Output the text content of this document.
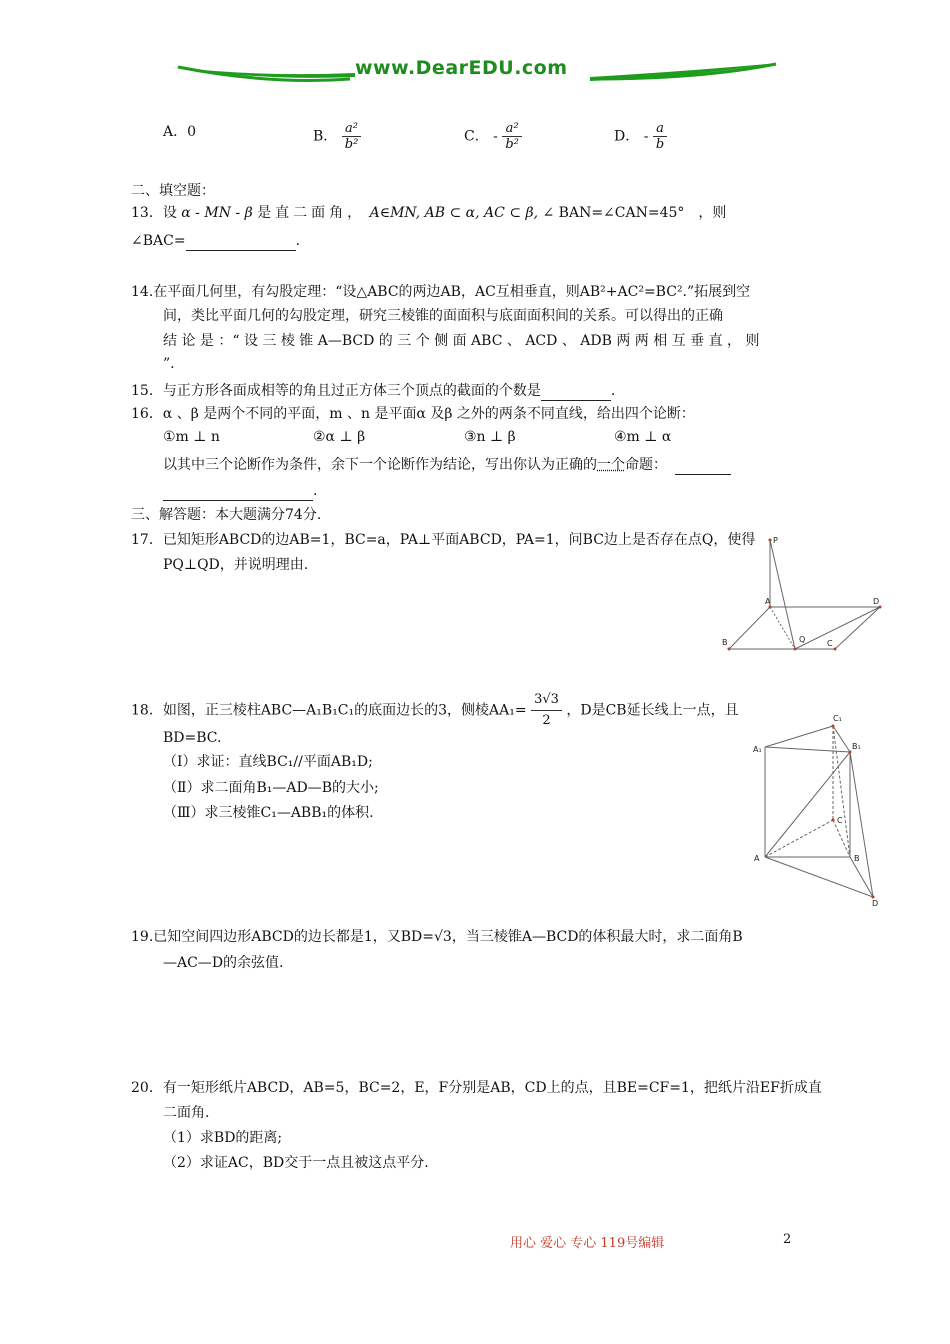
www.DearEDU.com
A．0	B． $\frac{\text{a²}}{\text{b²}}$	C． - $\frac{\text{a²}}{\text{b²}}$	D． - $\frac{a}{b}$
二、填空题：
13．设 α - MN - β 是直二面角， A∈MN, AB ⊂ α, AC ⊂ β, ∠ BAN=∠CAN=45°　，则
∠BAC=	.
14.在平面几何里，有勾股定理：“设△ABC的两边AB，AC互相垂直，则AB²+AC²=BC².”拓展到空
间，类比平面几何的勾股定理，研究三棱锥的面面积与底面面积间的关系。可以得出的正确
结 论 是 ：“ 设 三 棱 锥 A—BCD 的 三 个 侧 面 ABC 、 ACD 、 ADB 两 两 相 互 垂 直 ， 则
”.
15．与正方形各面成相等的角且过正方体三个顶点的截面的个数是	.
16．α 、β 是两个不同的平面，m 、n 是平面α 及β 之外的两条不同直线，给出四个论断：
①m ⊥ n	②α ⊥ β	③n ⊥ β	④m ⊥ α
以其中三个论断作为条件，余下一个论断作为结论，写出你认为正确的一个命题：
.
三、解答题：本大题满分74分.
17．已知矩形ABCD的边AB=1，BC=a，PA⊥平面ABCD，PA=1，问BC边上是否存在点Q，使得
PQ⊥QD，并说明理由.
P
A	D
B	Q	C
18．如图，正三棱柱ABC—A₁B₁C₁的底面边长的3，侧棱$AA_1= \frac{3√3}{2}$ ，D是CB延长线上一点，且
BD=BC.
（Ⅰ）求证：直线BC₁//平面AB₁D;
（Ⅱ）求二面角B₁—AD—B的大小;
（Ⅲ）求三棱锥C₁—ABB₁的体积.
C₁
A₁	B₁
C
A	B
D
19.已知空间四边形ABCD的边长都是1，又BD=√3，当三棱锥A—BCD的体积最大时，求二面角B
—AC—D的余弦值.
20．有一矩形纸片ABCD，AB=5，BC=2，E，F分别是AB，CD上的点，且BE=CF=1，把纸片沿EF折成直
二面角.
（1）求BD的距离;
（2）求证AC，BD交于一点且被这点平分.
用心 爱心 专心 119号编辑	2
